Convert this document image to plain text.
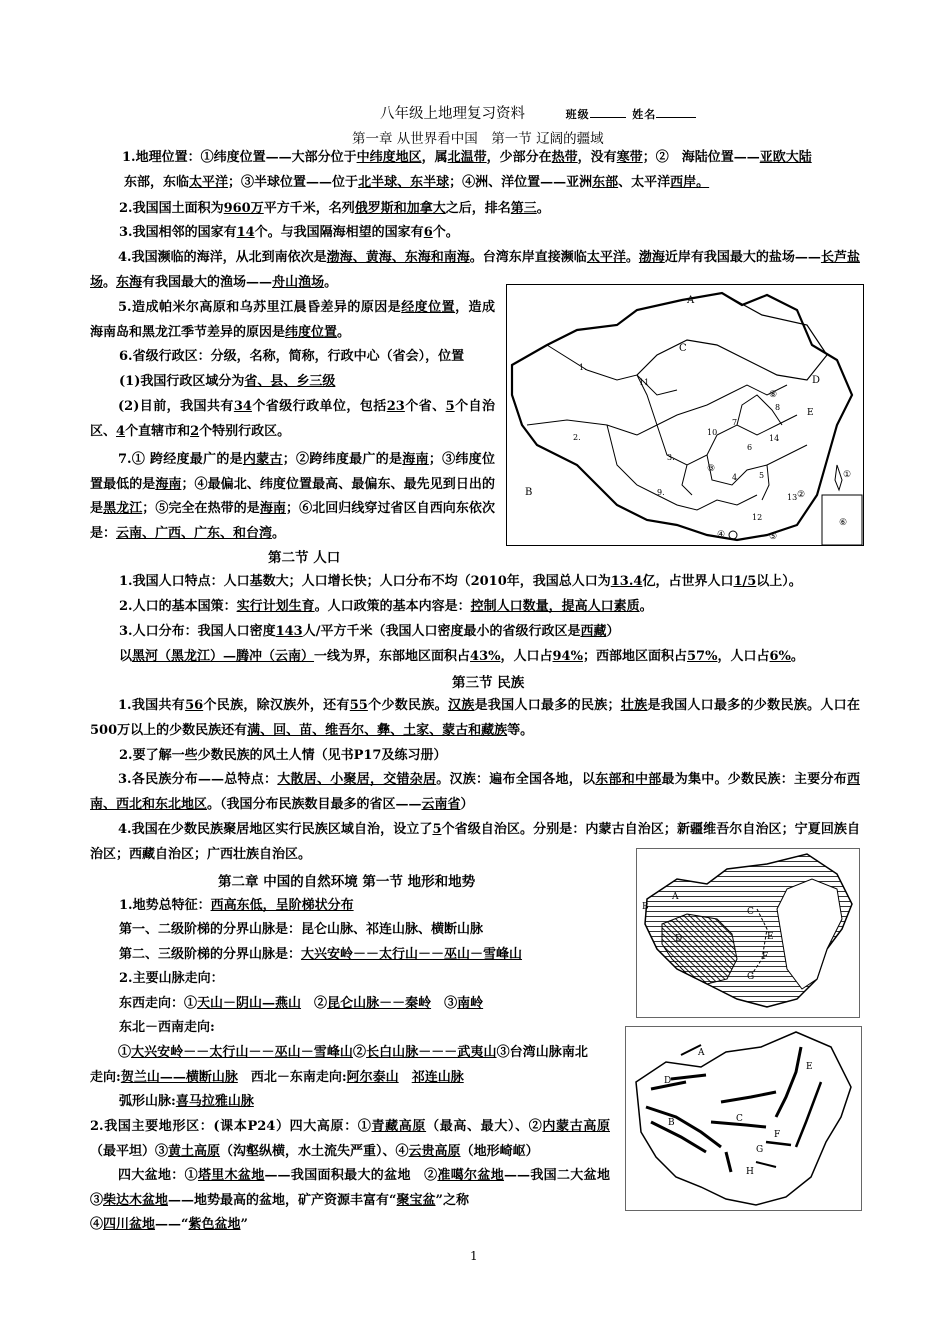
八年级上地理复习资料	班级	姓名
第一章 从世界看中国　第一节 辽阔的疆域
1.地理位置：①纬度位置——大部分位于中纬度地区，属北温带，少部分在热带，没有寒带；②　海陆位置——亚欧大陆
东部，东临太平洋；③半球位置——位于北半球、东半球；④洲、洋位置——亚洲东部、太平洋西岸。
2.我国国土面积为960万平方千米，名列俄罗斯和加拿大之后，排名第三。
3.我国相邻的国家有14个。与我国隔海相望的国家有6个。
4.我国濒临的海洋，从北到南依次是渤海、黄海、东海和南海。台湾东岸直接濒临太平洋。渤海近岸有我国最大的盐场——长芦盐场。东海有我国最大的渔场——舟山渔场。
5.造成帕米尔高原和乌苏里江晨昏差异的原因是经度位置，造成海南岛和黑龙江季节差异的原因是纬度位置。
6.省级行政区：分级，名称，简称，行政中心（省会），位置
(1)我国行政区域分为省、县、乡三级
(2)目前，我国共有34个省级行政单位，包括23个省、5个自治区、4个直辖市和2个特别行政区。
7.① 跨经度最广的是内蒙古；②跨纬度最广的是海南；③纬度位置最低的是海南；④最偏北、纬度位置最高、最偏东、最先见到日出的是黑龙江；⑤完全在热带的是海南；⑥北回归线穿过省区自西向东依次是：云南、广西、广东、和台湾。
A
C
B
D
⑧
1.
2.
3.
4	5
6
7
8
9.
10
11
12
13
14
①
②
③
④	⑤
⑥
E
第二节 人口
1.我国人口特点：人口基数大；人口增长快；人口分布不均（2010年，我国总人口为13.4亿，占世界人口1/5以上）。
2.人口的基本国策：实行计划生育。人口政策的基本内容是：控制人口数量，提高人口素质。
3.人口分布：我国人口密度143人/平方千米（我国人口密度最小的省级行政区是西藏）
以黑河（黑龙江）—腾冲（云南）一线为界，东部地区面积占43%，人口占94%；西部地区面积占57%，人口占6%。
第三节 民族
1.我国共有56个民族，除汉族外，还有55个少数民族。汉族是我国人口最多的民族；壮族是我国人口最多的少数民族。人口在500万以上的少数民族还有满、回、苗、维吾尔、彝、土家、蒙古和藏族等。
2.要了解一些少数民族的风土人情（见书P17及练习册）
3.各民族分布——总特点：大散居、小聚居，交错杂居。汉族：遍布全国各地，以东部和中部最为集中。少数民族：主要分布西南、西北和东北地区。（我国分布民族数目最多的省区——云南省）
4.我国在少数民族聚居地区实行民族区域自治，设立了5个省级自治区。分别是：内蒙古自治区；新疆维吾尔自治区；宁夏回族自治区；西藏自治区；广西壮族自治区。
第二章 中国的自然环境 第一节 地形和地势
1.地势总特征：西高东低，呈阶梯状分布
第一、二级阶梯的分界山脉是：昆仑山脉、祁连山脉、横断山脉
第二、三级阶梯的分界山脉是：大兴安岭－－太行山－－巫山－雪峰山
2.主要山脉走向：
东西走向：①天山－阴山—燕山　 ②昆仑山脉－－秦岭　 ③南岭
东北－西南走向:
①大兴安岭－－太行山－－巫山－雪峰山②长白山脉－－－武夷山③台湾山脉南北走向:贺兰山——横断山脉　 西北－东南走向:阿尔泰山　 祁连山脉
弧形山脉:喜马拉雅山脉
2.我国主要地形区：(课本P24）四大高原：①青藏高原（最高、最大）、②内蒙古高原（最平坦）③黄土高原（沟壑纵横，水土流失严重）、④云贵高原（地形崎岖）
四大盆地：①塔里木盆地——我国面积最大的盆地　②准噶尔盆地——我国二大盆地 ③柴达木盆地——地势最高的盆地，矿产资源丰富有“聚宝盆”之称
④四川盆地——“紫色盆地”
A
B	C
D	E
F
G
A
B	C
D
E
F
G
H
1
